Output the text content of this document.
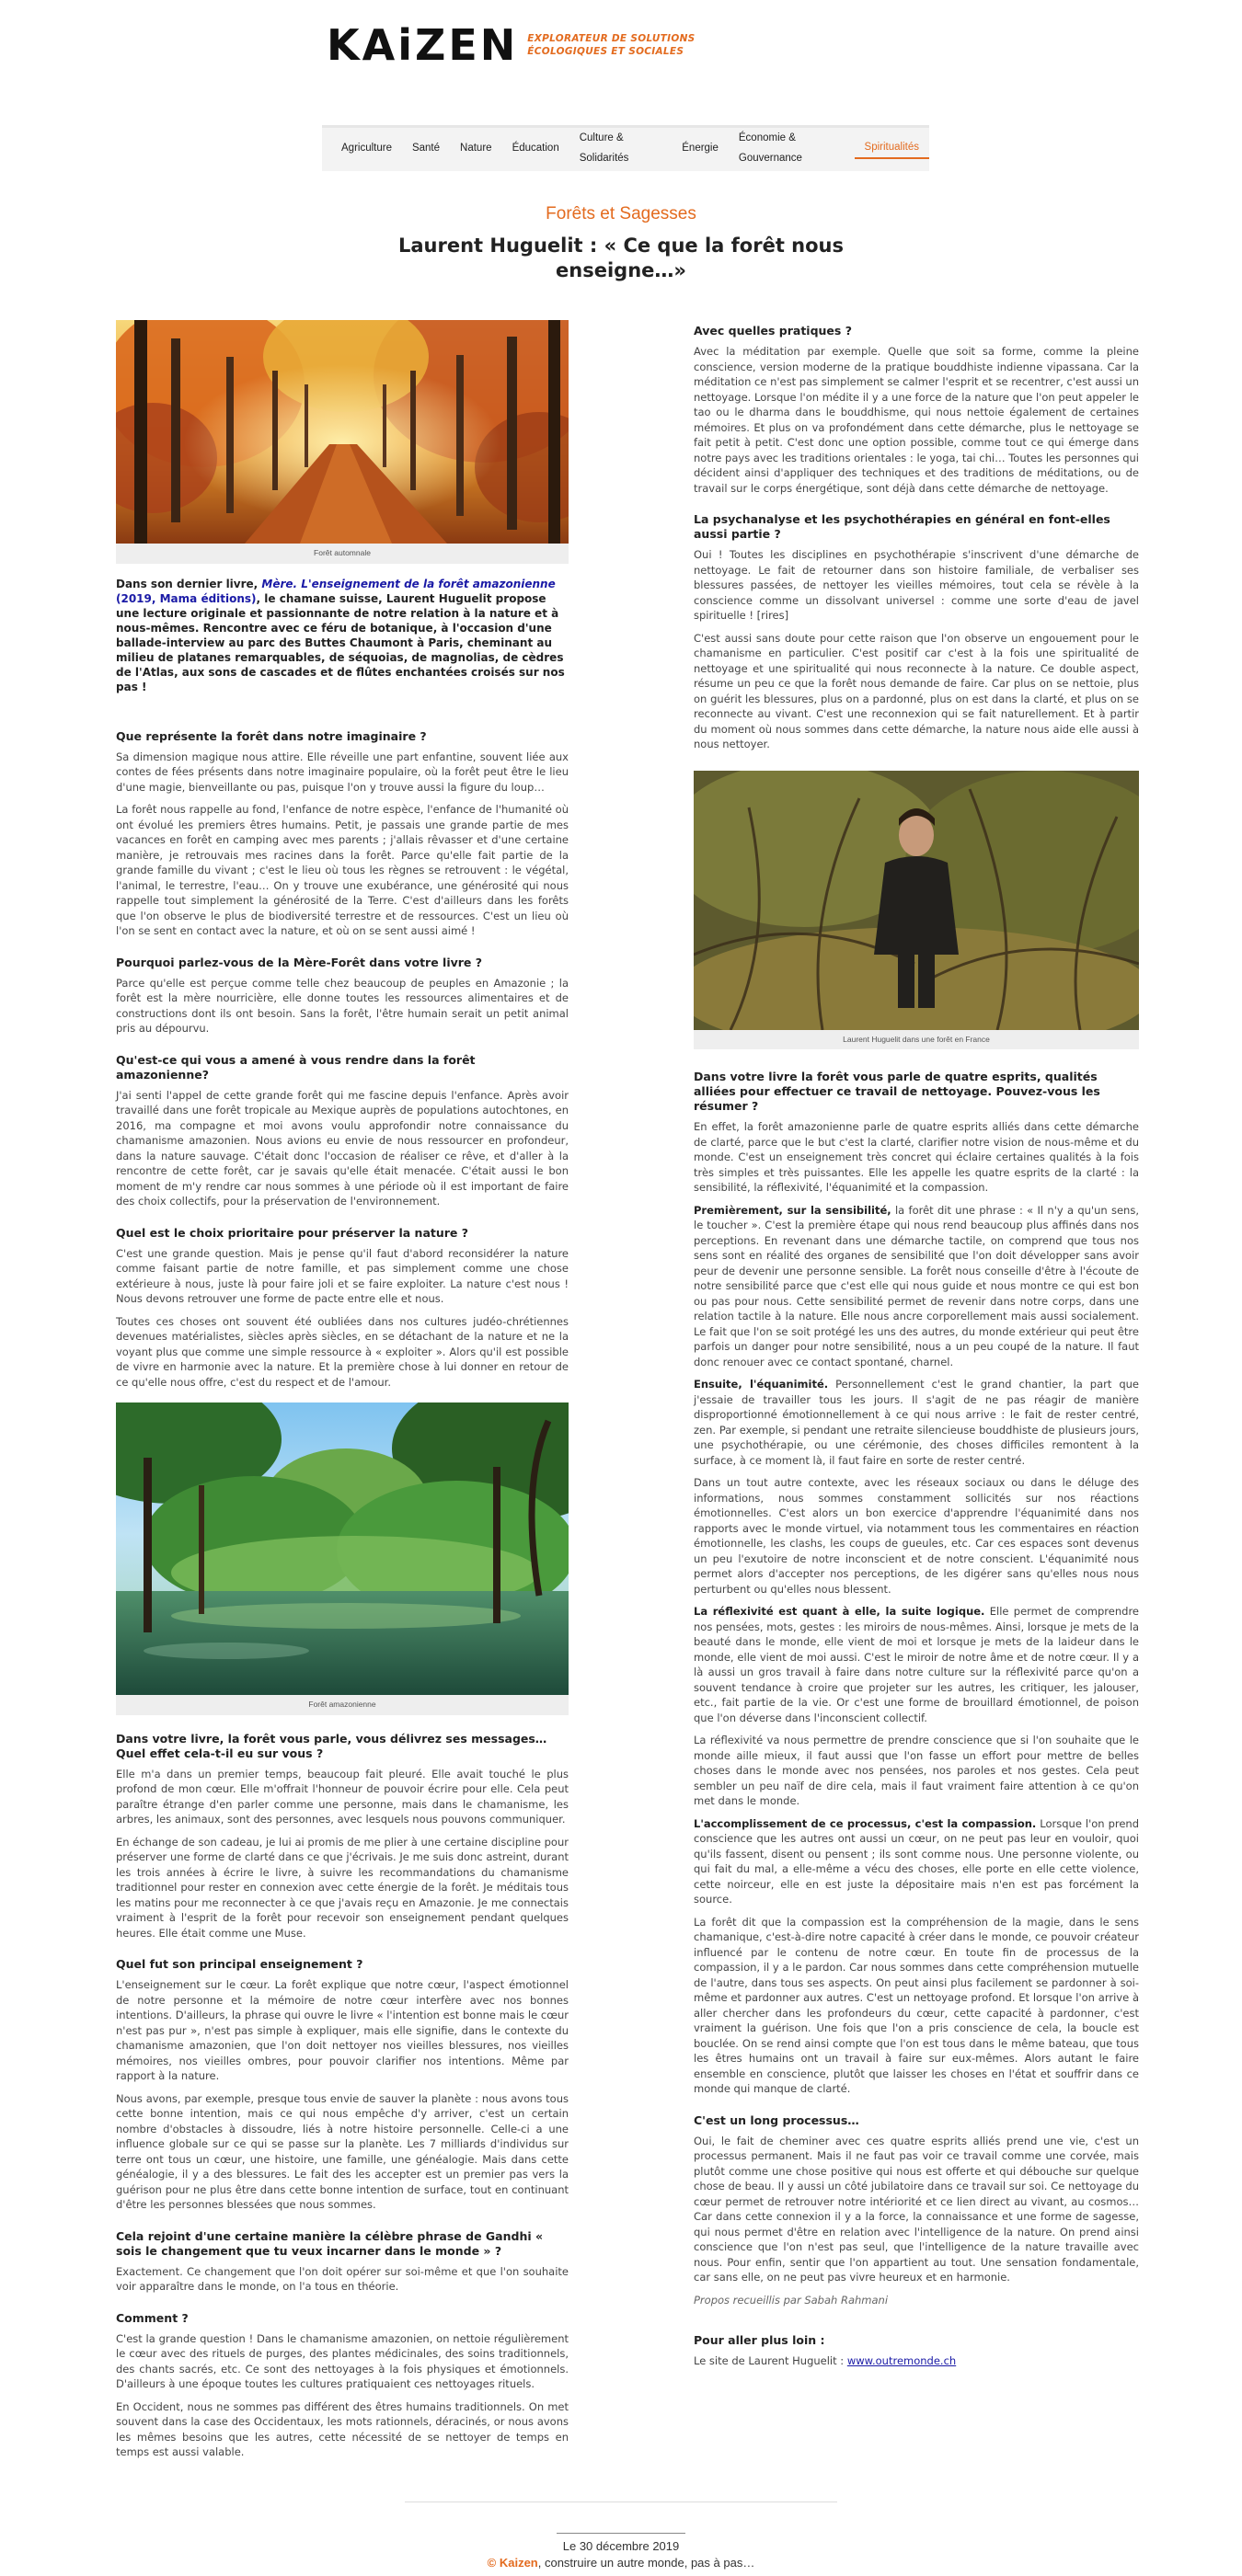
KAiZEN EXPLORATEUR DE SOLUTIONS
ÉCOLOGIQUES ET SOCIALES
Agriculture	Santé	Nature	Éducation
Culture & Solidarités
Énergie
Économie & Gouvernance
Spiritualités
Forêts et Sagesses
Laurent Huguelit : « Ce que la forêt nous enseigne…»
Forêt automnale

Dans son dernier livre, Mère. L'enseignement de la forêt amazonienne (2019, Mama éditions), le chamane suisse, Laurent Huguelit propose une lecture originale et passionnante de notre relation à la nature et à nous-mêmes. Rencontre avec ce féru de botanique, à l'occasion d'une ballade-interview au parc des Buttes Chaumont à Paris, cheminant au milieu de platanes remarquables, de séquoias, de magnolias, de cèdres de l'Atlas, aux sons de cascades et de flûtes enchantées croisés sur nos pas !

Que représente la forêt dans notre imaginaire ?

Sa dimension magique nous attire. Elle réveille une part enfantine, souvent liée aux contes de fées présents dans notre imaginaire populaire, où la forêt peut être le lieu d'une magie, bienveillante ou pas, puisque l'on y trouve aussi la figure du loup…

La forêt nous rappelle au fond, l'enfance de notre espèce, l'enfance de l'humanité où ont évolué les premiers êtres humains. Petit, je passais une grande partie de mes vacances en forêt en camping avec mes parents ; j'allais rêvasser et d'une certaine manière, je retrouvais mes racines dans la forêt. Parce qu'elle fait partie de la grande famille du vivant ; c'est le lieu où tous les règnes se retrouvent : le végétal, l'animal, le terrestre, l'eau… On y trouve une exubérance, une générosité qui nous rappelle tout simplement la générosité de la Terre. C'est d'ailleurs dans les forêts que l'on observe le plus de biodiversité terrestre et de ressources. C'est un lieu où l'on se sent en contact avec la nature, et où on se sent aussi aimé !

Pourquoi parlez-vous de la Mère-Forêt dans votre livre ?

Parce qu'elle est perçue comme telle chez beaucoup de peuples en Amazonie ; la forêt est la mère nourricière, elle donne toutes les ressources alimentaires et de constructions dont ils ont besoin. Sans la forêt, l'être humain serait un petit animal pris au dépourvu.

Qu'est-ce qui vous a amené à vous rendre dans la forêt amazonienne?

J'ai senti l'appel de cette grande forêt qui me fascine depuis l'enfance. Après avoir travaillé dans une forêt tropicale au Mexique auprès de populations autochtones, en 2016, ma compagne et moi avons voulu approfondir notre connaissance du chamanisme amazonien. Nous avions eu envie de nous ressourcer en profondeur, dans la nature sauvage. C'était donc l'occasion de réaliser ce rêve, et d'aller à la rencontre de cette forêt, car je savais qu'elle était menacée. C'était aussi le bon moment de m'y rendre car nous sommes à une période où il est important de faire des choix collectifs, pour la préservation de l'environnement.

Quel est le choix prioritaire pour préserver la nature ?

C'est une grande question. Mais je pense qu'il faut d'abord reconsidérer la nature comme faisant partie de notre famille, et pas simplement comme une chose extérieure à nous, juste là pour faire joli et se faire exploiter. La nature c'est nous ! Nous devons retrouver une forme de pacte entre elle et nous.

Toutes ces choses ont souvent été oubliées dans nos cultures judéo-chrétiennes devenues matérialistes, siècles après siècles, en se détachant de la nature et ne la voyant plus que comme une simple ressource à « exploiter ». Alors qu'il est possible de vivre en harmonie avec la nature. Et la première chose à lui donner en retour de ce qu'elle nous offre, c'est du respect et de l'amour.

Forêt amazonienne
Dans votre livre, la forêt vous parle, vous délivrez ses messages… Quel effet cela-t-il eu sur vous ?

Elle m'a dans un premier temps, beaucoup fait pleuré. Elle avait touché le plus profond de mon cœur. Elle m'offrait l'honneur de pouvoir écrire pour elle. Cela peut paraître étrange d'en parler comme une personne, mais dans le chamanisme, les arbres, les animaux, sont des personnes, avec lesquels nous pouvons communiquer.

En échange de son cadeau, je lui ai promis de me plier à une certaine discipline pour préserver une forme de clarté dans ce que j'écrivais. Je me suis donc astreint, durant les trois années à écrire le livre, à suivre les recommandations du chamanisme traditionnel pour rester en connexion avec cette énergie de la forêt. Je méditais tous les matins pour me reconnecter à ce que j'avais reçu en Amazonie. Je me connectais vraiment à l'esprit de la forêt pour recevoir son enseignement pendant quelques heures. Elle était comme une Muse.

Quel fut son principal enseignement ?

L'enseignement sur le cœur. La forêt explique que notre cœur, l'aspect émotionnel de notre personne et la mémoire de notre cœur interfère avec nos bonnes intentions. D'ailleurs, la phrase qui ouvre le livre « l'intention est bonne mais le cœur n'est pas pur », n'est pas simple à expliquer, mais elle signifie, dans le contexte du chamanisme amazonien, que l'on doit nettoyer nos vieilles blessures, nos vieilles mémoires, nos vieilles ombres, pour pouvoir clarifier nos intentions. Même par rapport à la nature.

Nous avons, par exemple, presque tous envie de sauver la planète : nous avons tous cette bonne intention, mais ce qui nous empêche d'y arriver, c'est un certain nombre d'obstacles à dissoudre, liés à notre histoire personnelle. Celle-ci a une influence globale sur ce qui se passe sur la planète. Les 7 milliards d'individus sur terre ont tous un cœur, une histoire, une famille, une généalogie. Mais dans cette généalogie, il y a des blessures. Le fait des les accepter est un premier pas vers la guérison pour ne plus être dans cette bonne intention de surface, tout en continuant d'être les personnes blessées que nous sommes.

Cela rejoint d'une certaine manière la célèbre phrase de Gandhi « sois le changement que tu veux incarner dans le monde » ?

Exactement. Ce changement que l'on doit opérer sur soi-même et que l'on souhaite voir apparaître dans le monde, on l'a tous en théorie.

Comment ?

C'est la grande question ! Dans le chamanisme amazonien, on nettoie régulièrement le cœur avec des rituels de purges, des plantes médicinales, des soins traditionnels, des chants sacrés, etc. Ce sont des nettoyages à la fois physiques et émotionnels. D'ailleurs à une époque toutes les cultures pratiquaient ces nettoyages rituels.

En Occident, nous ne sommes pas différent des êtres humains traditionnels. On met souvent dans la case des Occidentaux, les mots rationnels, déracinés, or nous avons les mêmes besoins que les autres, cette nécessité de se nettoyer de temps en temps est aussi valable.

Avec quelles pratiques ?

Avec la méditation par exemple. Quelle que soit sa forme, comme la pleine conscience, version moderne de la pratique bouddhiste indienne vipassana. Car la méditation ce n'est pas simplement se calmer l'esprit et se recentrer, c'est aussi un nettoyage. Lorsque l'on médite il y a une force de la nature que l'on peut appeler le tao ou le dharma dans le bouddhisme, qui nous nettoie également de certaines mémoires. Et plus on va profondément dans cette démarche, plus le nettoyage se fait petit à petit. C'est donc une option possible, comme tout ce qui émerge dans notre pays avec les traditions orientales : le yoga, tai chi… Toutes les personnes qui décident ainsi d'appliquer des techniques et des traditions de méditations, ou de travail sur le corps énergétique, sont déjà dans cette démarche de nettoyage.

La psychanalyse et les psychothérapies en général en font-elles aussi partie ?

Oui ! Toutes les disciplines en psychothérapie s'inscrivent d'une démarche de nettoyage. Le fait de retourner dans son histoire familiale, de verbaliser ses blessures passées, de nettoyer les vieilles mémoires, tout cela se révèle à la conscience comme un dissolvant universel : comme une sorte d'eau de javel spirituelle ! [rires]

C'est aussi sans doute pour cette raison que l'on observe un engouement pour le chamanisme en particulier. C'est positif car c'est à la fois une spiritualité de nettoyage et une spiritualité qui nous reconnecte à la nature. Ce double aspect, résume un peu ce que la forêt nous demande de faire. Car plus on se nettoie, plus on guérit les blessures, plus on a pardonné, plus on est dans la clarté, et plus on se reconnecte au vivant. C'est une reconnexion qui se fait naturellement. Et à partir du moment où nous sommes dans cette démarche, la nature nous aide elle aussi à nous nettoyer.

Laurent Huguelit dans une forêt en France
Dans votre livre la forêt vous parle de quatre esprits, qualités alliées pour effectuer ce travail de nettoyage. Pouvez-vous les résumer ?

En effet, la forêt amazonienne parle de quatre esprits alliés dans cette démarche de clarté, parce que le but c'est la clarté, clarifier notre vision de nous-même et du monde. C'est un enseignement très concret qui éclaire certaines qualités à la fois très simples et très puissantes. Elle les appelle les quatre esprits de la clarté : la sensibilité, la réflexivité, l'équanimité et la compassion.

Premièrement, sur la sensibilité, la forêt dit une phrase : « Il n'y a qu'un sens, le toucher ». C'est la première étape qui nous rend beaucoup plus affinés dans nos perceptions. En revenant dans une démarche tactile, on comprend que tous nos sens sont en réalité des organes de sensibilité que l'on doit développer sans avoir peur de devenir une personne sensible. La forêt nous conseille d'être à l'écoute de notre sensibilité parce que c'est elle qui nous guide et nous montre ce qui est bon ou pas pour nous. Cette sensibilité permet de revenir dans notre corps, dans une relation tactile à la nature. Elle nous ancre corporellement mais aussi socialement. Le fait que l'on se soit protégé les uns des autres, du monde extérieur qui peut être parfois un danger pour notre sensibilité, nous a un peu coupé de la nature. Il faut donc renouer avec ce contact spontané, charnel.

Ensuite, l'équanimité. Personnellement c'est le grand chantier, la part que j'essaie de travailler tous les jours. Il s'agit de ne pas réagir de manière disproportionné émotionnellement à ce qui nous arrive : le fait de rester centré, zen. Par exemple, si pendant une retraite silencieuse bouddhiste de plusieurs jours, une psychothérapie, ou une cérémonie, des choses difficiles remontent à la surface, à ce moment là, il faut faire en sorte de rester centré.

Dans un tout autre contexte, avec les réseaux sociaux ou dans le déluge des informations, nous sommes constamment sollicités sur nos réactions émotionnelles. C'est alors un bon exercice d'apprendre l'équanimité dans nos rapports avec le monde virtuel, via notamment tous les commentaires en réaction émotionnelle, les clashs, les coups de gueules, etc. Car ces espaces sont devenus un peu l'exutoire de notre inconscient et de notre conscient. L'équanimité nous permet alors d'accepter nos perceptions, de les digérer sans qu'elles nous nous perturbent ou qu'elles nous blessent.

La réflexivité est quant à elle, la suite logique. Elle permet de comprendre nos pensées, mots, gestes : les miroirs de nous-mêmes. Ainsi, lorsque je mets de la beauté dans le monde, elle vient de moi et lorsque je mets de la laideur dans le monde, elle vient de moi aussi. C'est le miroir de notre âme et de notre cœur. Il y a là aussi un gros travail à faire dans notre culture sur la réflexivité parce qu'on a souvent tendance à croire que projeter sur les autres, les critiquer, les jalouser, etc., fait partie de la vie. Or c'est une forme de brouillard émotionnel, de poison que l'on déverse dans l'inconscient collectif.

La réflexivité va nous permettre de prendre conscience que si l'on souhaite que le monde aille mieux, il faut aussi que l'on fasse un effort pour mettre de belles choses dans le monde avec nos pensées, nos paroles et nos gestes. Cela peut sembler un peu naïf de dire cela, mais il faut vraiment faire attention à ce qu'on met dans le monde.

L'accomplissement de ce processus, c'est la compassion. Lorsque l'on prend conscience que les autres ont aussi un cœur, on ne peut pas leur en vouloir, quoi qu'ils fassent, disent ou pensent ; ils sont comme nous. Une personne violente, ou qui fait du mal, a elle-même a vécu des choses, elle porte en elle cette violence, cette noirceur, elle en est juste la dépositaire mais n'en est pas forcément la source.

La forêt dit que la compassion est la compréhension de la magie, dans le sens chamanique, c'est-à-dire notre capacité à créer dans le monde, ce pouvoir créateur influencé par le contenu de notre cœur. En toute fin de processus de la compassion, il y a le pardon. Car nous sommes dans cette compréhension mutuelle de l'autre, dans tous ses aspects. On peut ainsi plus facilement se pardonner à soi-même et pardonner aux autres. C'est un nettoyage profond. Et lorsque l'on arrive à aller chercher dans les profondeurs du cœur, cette capacité à pardonner, c'est vraiment la guérison. Une fois que l'on a pris conscience de cela, la boucle est bouclée. On se rend ainsi compte que l'on est tous dans le même bateau, que tous les êtres humains ont un travail à faire sur eux-mêmes. Alors autant le faire ensemble en conscience, plutôt que laisser les choses en l'état et souffrir dans ce monde qui manque de clarté.

C'est un long processus…

Oui, le fait de cheminer avec ces quatre esprits alliés prend une vie, c'est un processus permanent. Mais il ne faut pas voir ce travail comme une corvée, mais plutôt comme une chose positive qui nous est offerte et qui débouche sur quelque chose de beau. Il y aussi un côté jubilatoire dans ce travail sur soi. Ce nettoyage du cœur permet de retrouver notre intériorité et ce lien direct au vivant, au cosmos… Car dans cette connexion il y a la force, la connaissance et une forme de sagesse, qui nous permet d'être en relation avec l'intelligence de la nature. On prend ainsi conscience que l'on n'est pas seul, que l'intelligence de la nature travaille avec nous. Pour enfin, sentir que l'on appartient au tout. Une sensation fondamentale, car sans elle, on ne peut pas vivre heureux et en harmonie.

Propos recueillis par Sabah Rahmani

Pour aller plus loin :

Le site de Laurent Huguelit : www.outremonde.ch

Le 30 décembre 2019
© Kaizen, construire un autre monde, pas à pas…
